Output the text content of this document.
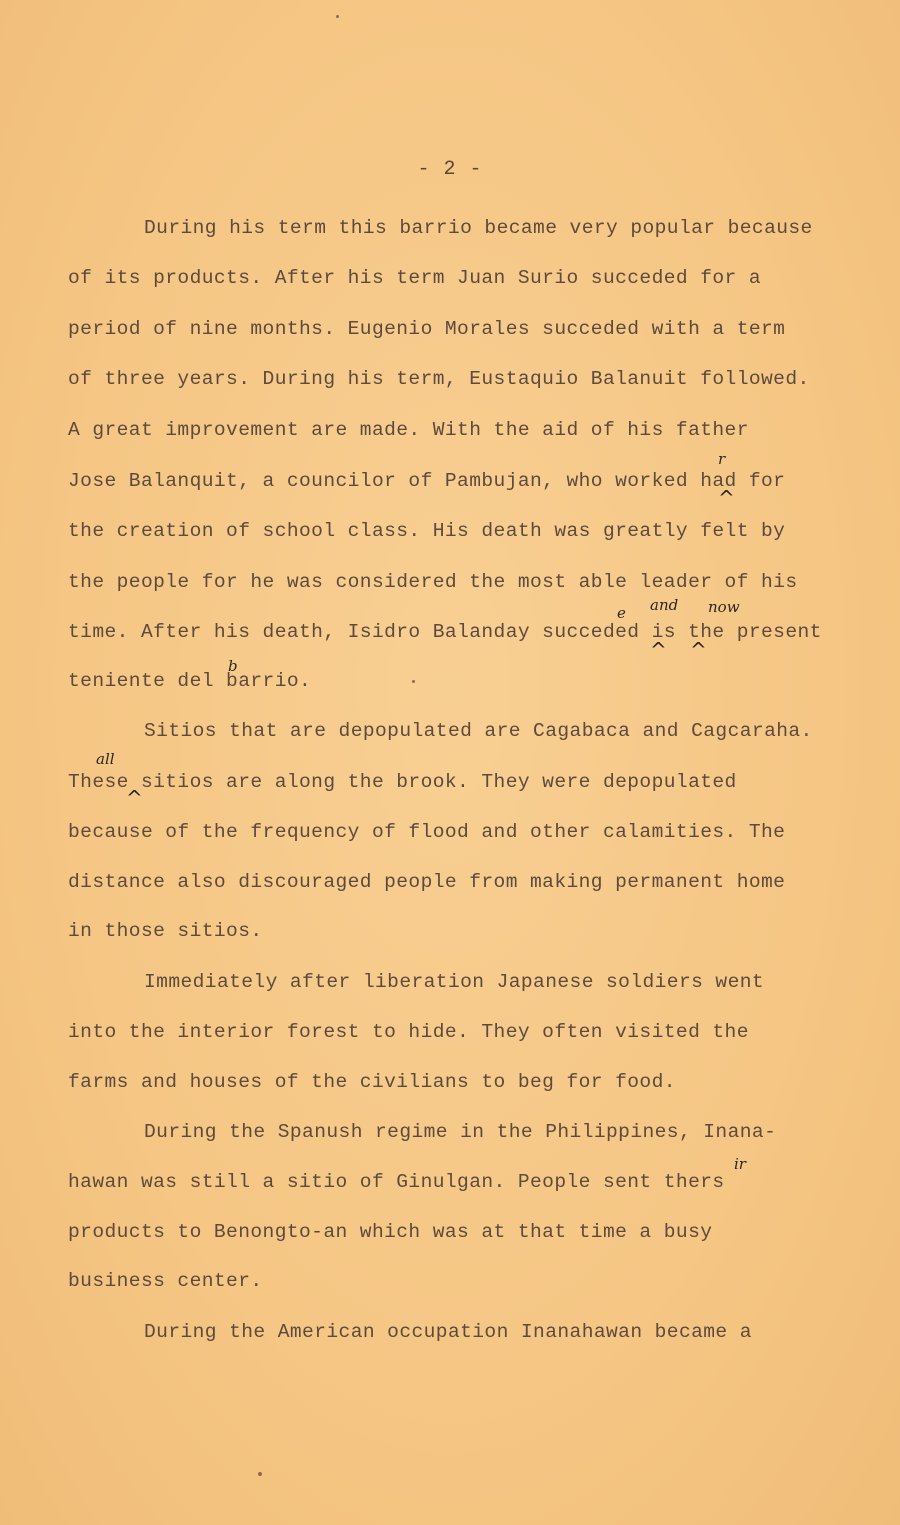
- 2 -
During his term this barrio became very popular because
of its products. After his term Juan Surio succeded for a
period of nine months. Eugenio Morales succeded with a term
of three years. During his term, Eustaquio Balanuit followed.
A great improvement are made. With the aid of his father
Jose Balanquit, a councilor of Pambujan, who worked had for
the creation of school class. His death was greatly felt by
the people for he was considered the most able leader of his
time. After his death, Isidro Balanday succeded is the present
teniente del barrio.
Sitios that are depopulated are Cagabaca and Cagcaraha.
These sitios are along the brook. They were depopulated
because of the frequency of flood and other calamities. The
distance also discouraged people from making permanent home
in those sitios.
Immediately after liberation Japanese soldiers went
into the interior forest to hide. They often visited the
farms and houses of the civilians to beg for food.
During the Spanush regime in the Philippines, Inana-
hawan was still a sitio of Ginulgan. People sent thers
products to Benongto-an which was at that time a busy
business center.
During the American occupation Inanahawan became a
r
^
e and now
^ ^
b
all
^
ir
